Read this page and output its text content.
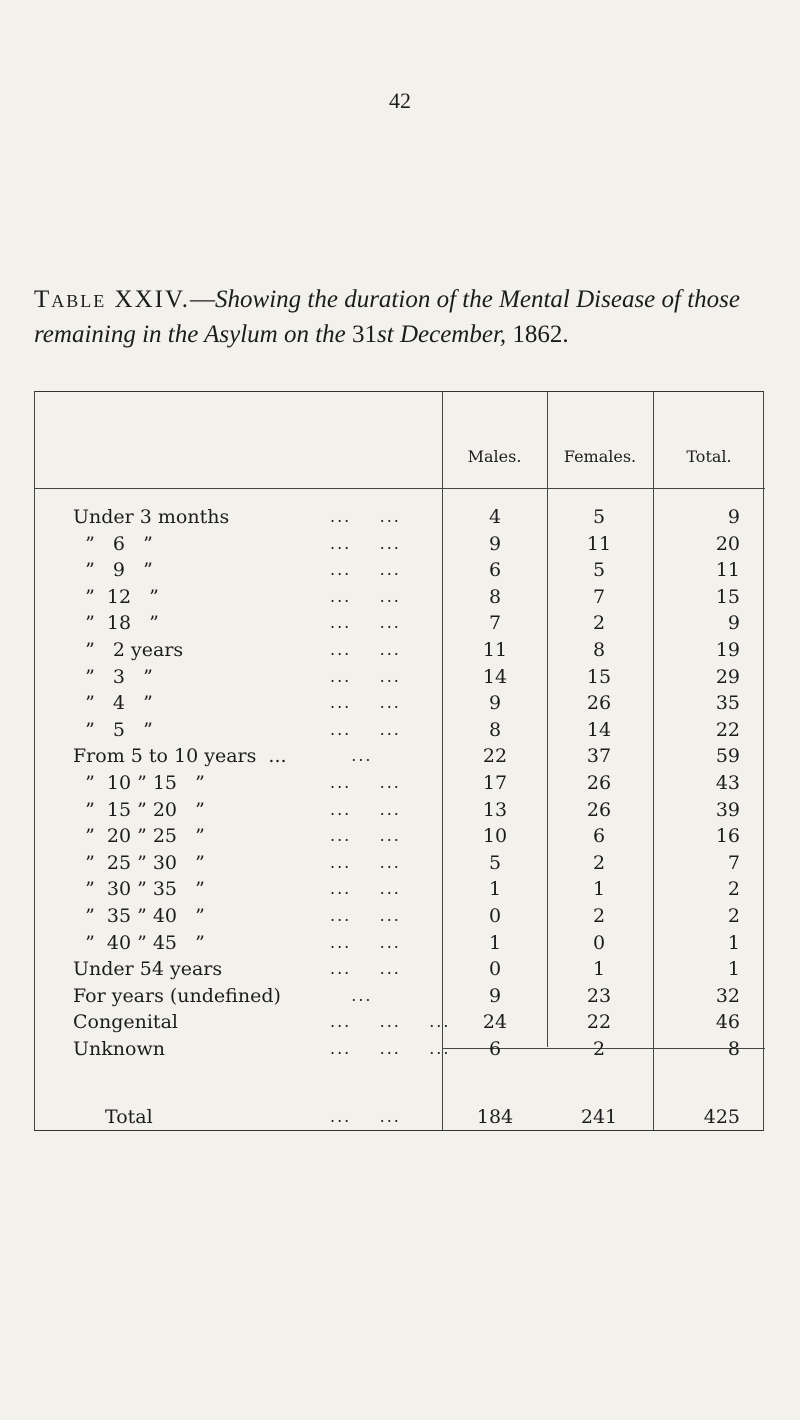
42
Table XXIV.—Showing the duration of the Mental Disease of those remaining in the Asylum on the 31st December, 1862.
Males.	Females.	Total.
Under 3 months	...    ...	4	5	9
”   6   ”	...    ...	9	11	20
”   9   ”	...    ...	6	5	11
”  12   ”	...    ...	8	7	15
”  18   ”	...    ...	7	2	9
”   2 years	...    ...	11	8	19
”   3   ”	...    ...	14	15	29
”   4   ”	...    ...	9	26	35
”   5   ”	...    ...	8	14	22
From 5 to 10 years  ...	...	22	37	59
”  10 ” 15   ”	...    ...	17	26	43
”  15 ” 20   ”	...    ...	13	26	39
”  20 ” 25   ”	...    ...	10	6	16
”  25 ” 30   ”	...    ...	5	2	7
”  30 ” 35   ”	...    ...	1	1	2
”  35 ” 40   ”	...    ...	0	2	2
”  40 ” 45   ”	...    ...	1	0	1
Under 54 years	...    ...	0	1	1
For years (undefined)	...	9	23	32
Congenital	...    ...    ...	24	22	46
Unknown	...    ...    ...	6	2	8
Total	...    ...	184	241	425
